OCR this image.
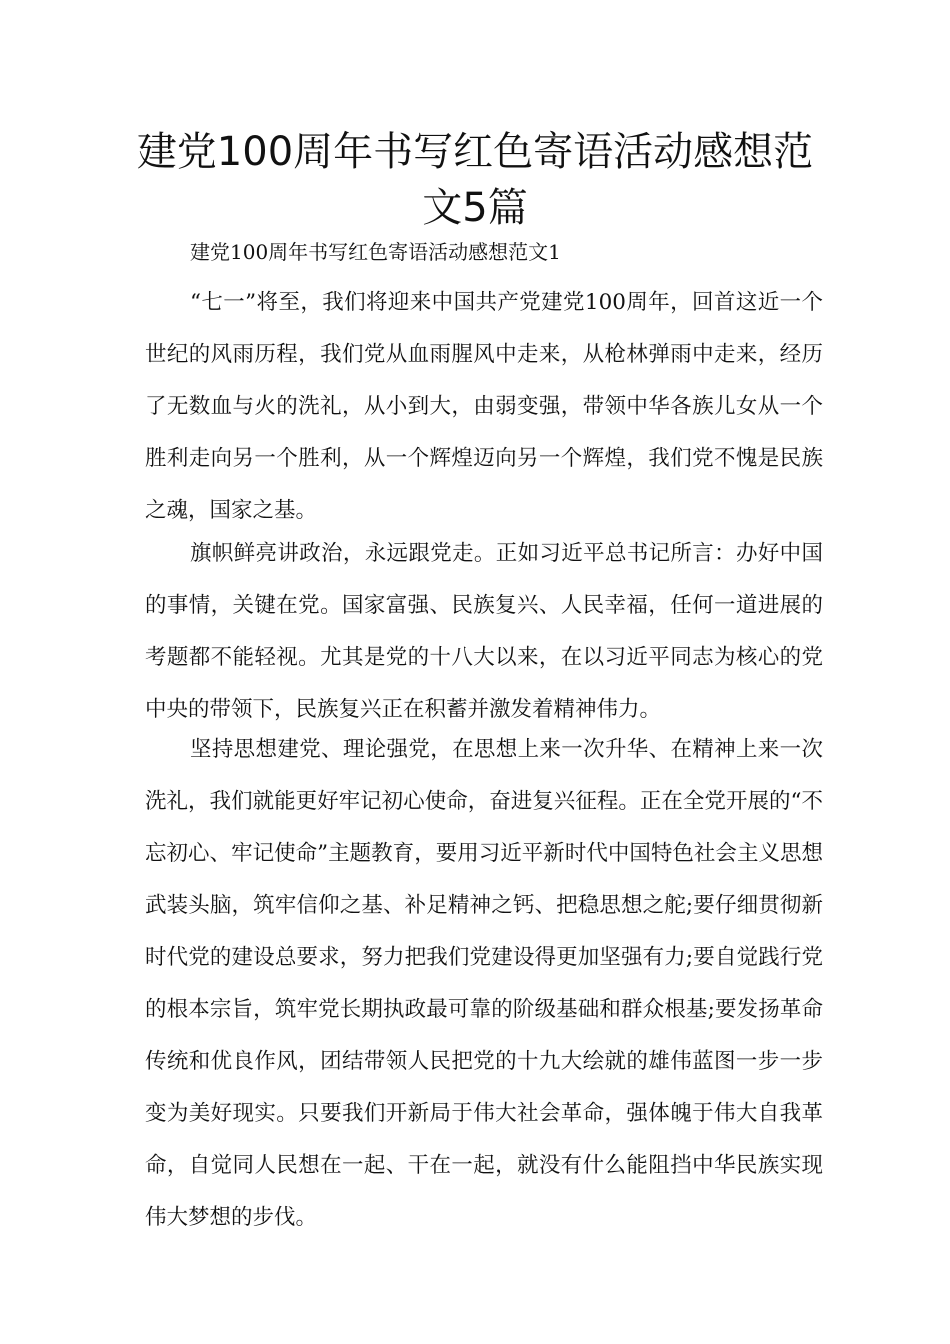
建党100周年书写红色寄语活动感想范文5篇

建党100周年书写红色寄语活动感想范文1

“七一”将至，我们将迎来中国共产党建党100周年，回首这近一个世纪的风雨历程，我们党从血雨腥风中走来，从枪林弹雨中走来，经历了无数血与火的洗礼，从小到大，由弱变强，带领中华各族儿女从一个胜利走向另一个胜利，从一个辉煌迈向另一个辉煌，我们党不愧是民族之魂，国家之基。

旗帜鲜亮讲政治，永远跟党走。正如习近平总书记所言：办好中国的事情，关键在党。国家富强、民族复兴、人民幸福，任何一道进展的考题都不能轻视。尤其是党的十八大以来，在以习近平同志为核心的党中央的带领下，民族复兴正在积蓄并激发着精神伟力。

坚持思想建党、理论强党，在思想上来一次升华、在精神上来一次洗礼，我们就能更好牢记初心使命，奋进复兴征程。正在全党开展的“不忘初心、牢记使命”主题教育，要用习近平新时代中国特色社会主义思想武装头脑，筑牢信仰之基、补足精神之钙、把稳思想之舵;要仔细贯彻新时代党的建设总要求，努力把我们党建设得更加坚强有力;要自觉践行党的根本宗旨，筑牢党长期执政最可靠的阶级基础和群众根基;要发扬革命传统和优良作风，团结带领人民把党的十九大绘就的雄伟蓝图一步一步变为美好现实。只要我们开新局于伟大社会革命，强体魄于伟大自我革命，自觉同人民想在一起、干在一起，就没有什么能阻挡中华民族实现伟大梦想的步伐。
